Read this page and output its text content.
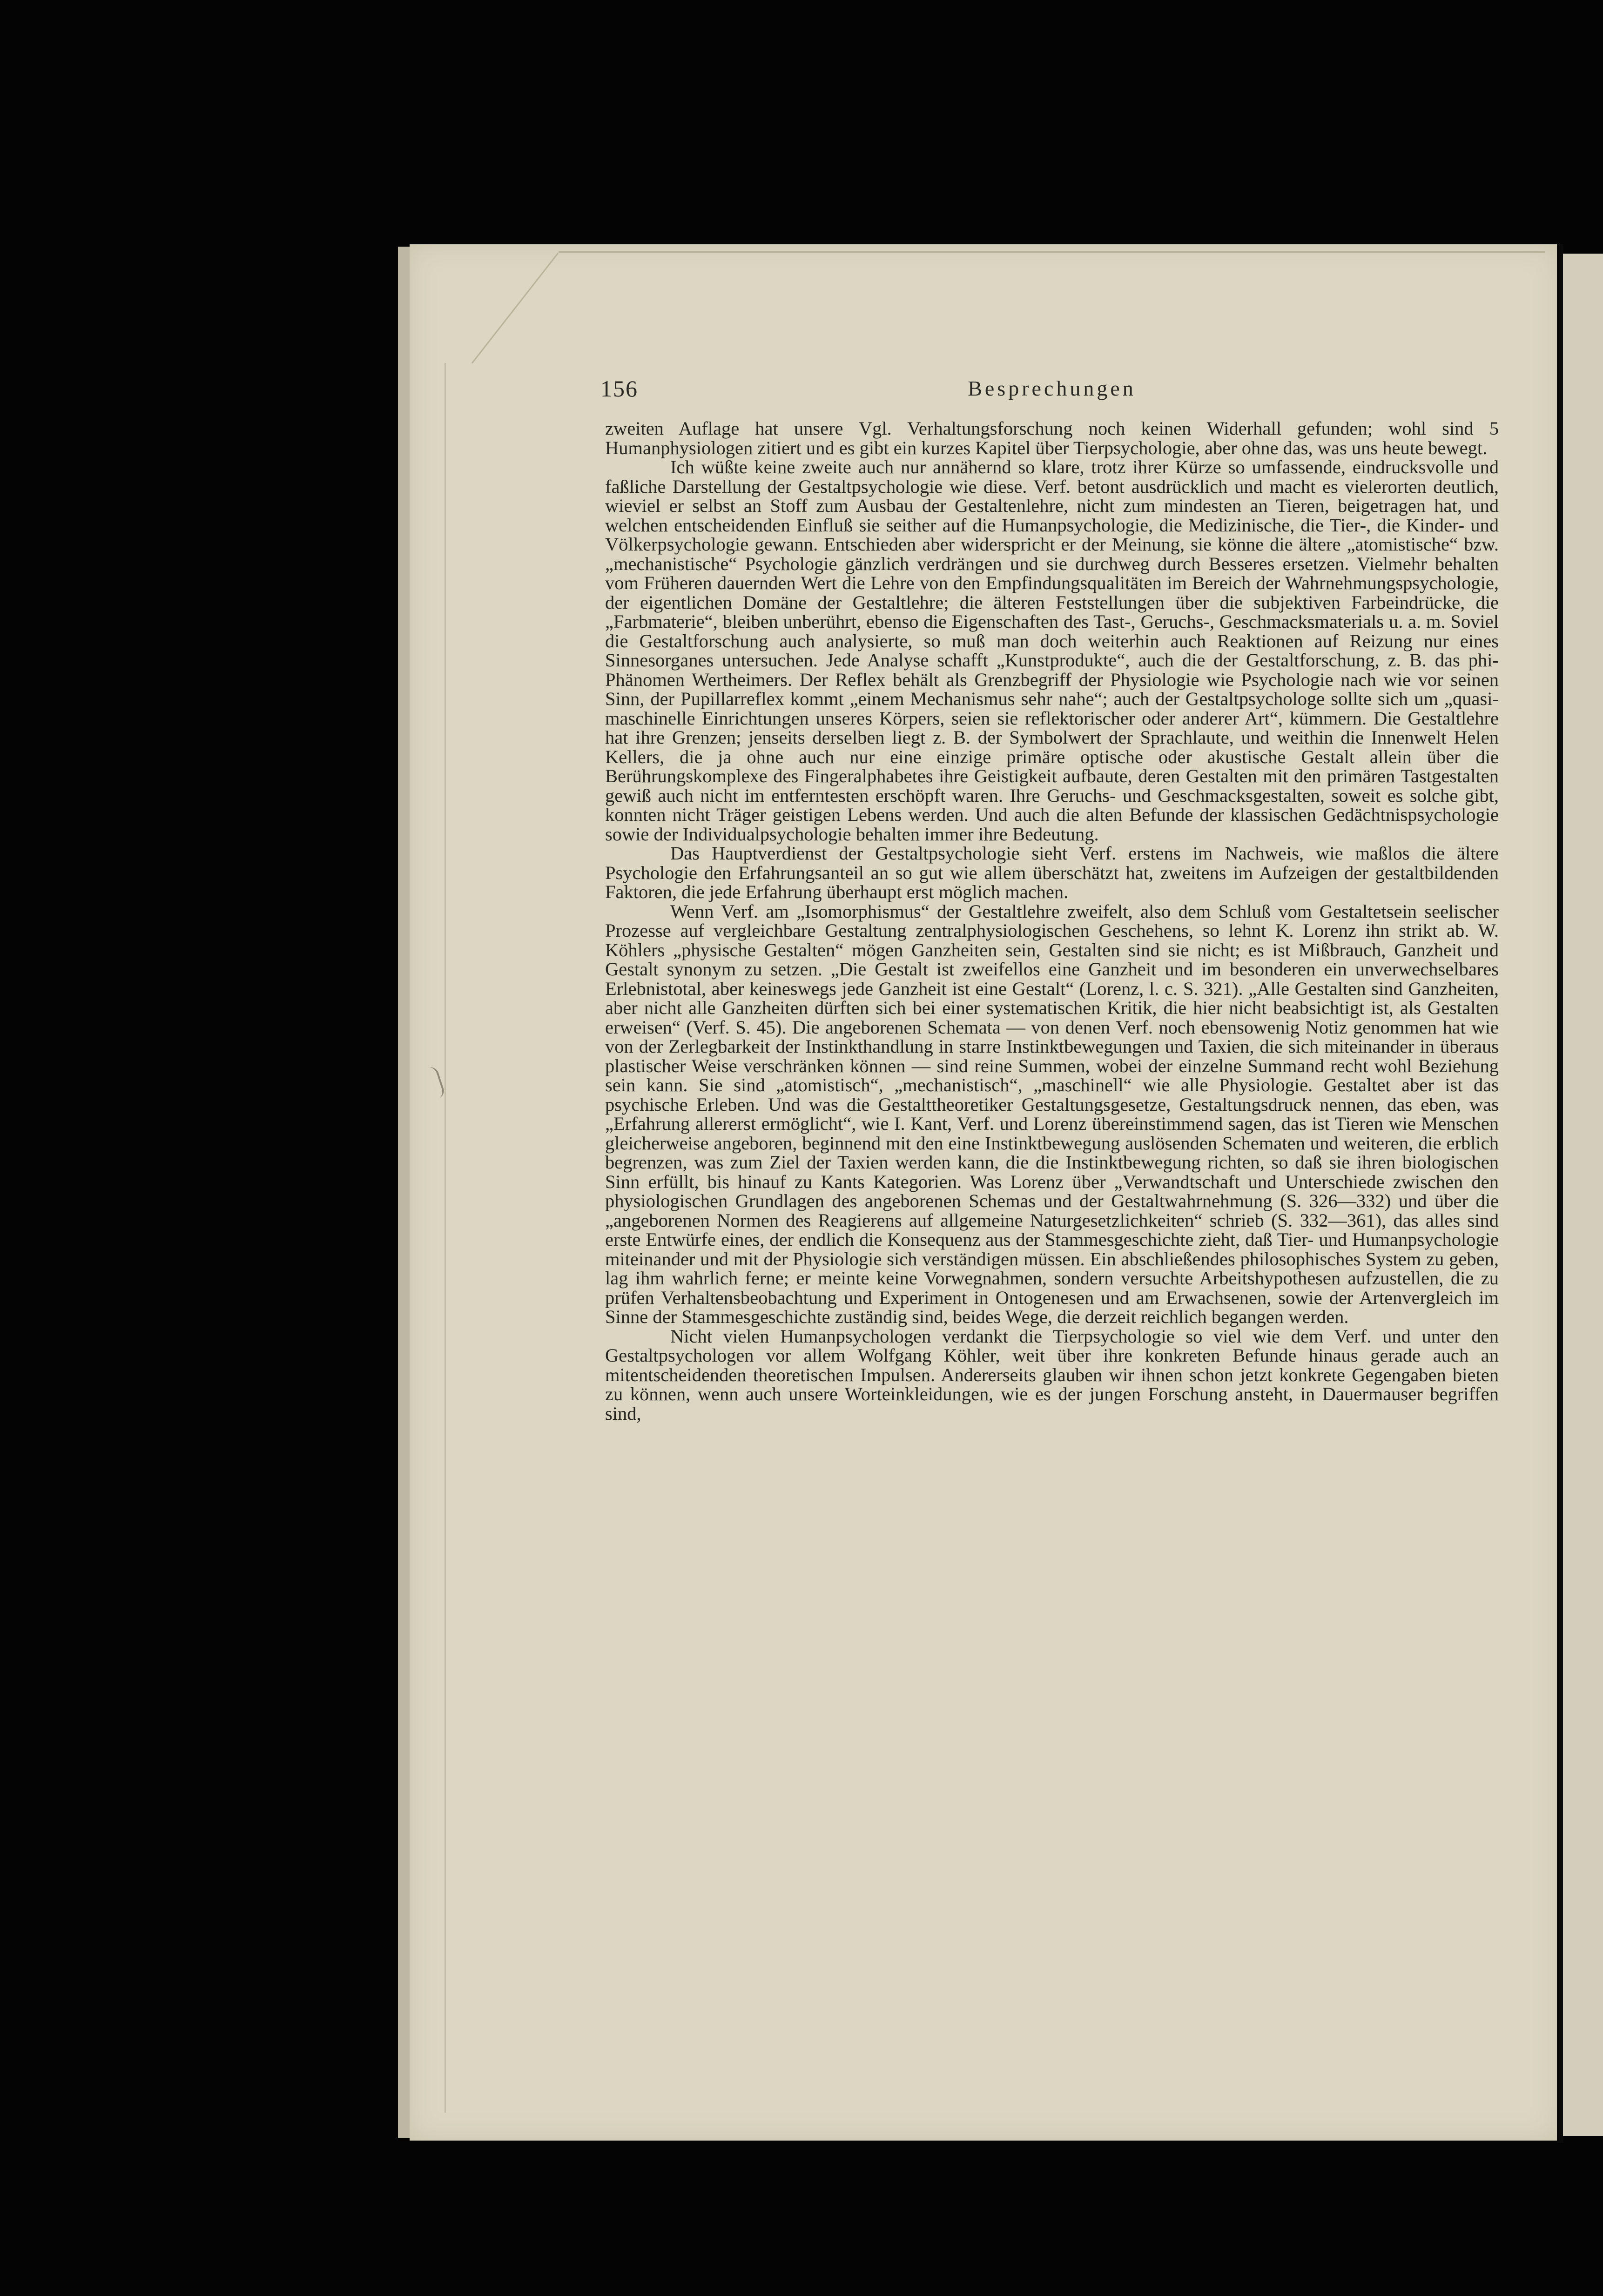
156	Besprechungen

zweiten Auflage hat unsere Vgl. Verhaltungsforschung noch keinen Widerhall gefunden; wohl sind 5 Humanphysiologen zitiert und es gibt ein kurzes Kapitel über Tierpsychologie, aber ohne das, was uns heute bewegt.

Ich wüßte keine zweite auch nur annähernd so klare, trotz ihrer Kürze so umfassende, eindrucksvolle und faßliche Darstellung der Gestaltpsychologie wie diese. Verf. betont ausdrücklich und macht es vielerorten deutlich, wieviel er selbst an Stoff zum Ausbau der Gestaltenlehre, nicht zum mindesten an Tieren, beigetragen hat, und welchen entscheidenden Einfluß sie seither auf die Humanpsychologie, die Medizinische, die Tier-, die Kinder- und Völkerpsychologie gewann. Entschieden aber widerspricht er der Meinung, sie könne die ältere „atomistische“ bzw. „mechanistische“ Psychologie gänzlich verdrängen und sie durchweg durch Besseres ersetzen. Vielmehr behalten vom Früheren dauernden Wert die Lehre von den Empfindungsqualitäten im Bereich der Wahrnehmungspsychologie, der eigentlichen Domäne der Gestaltlehre; die älteren Feststellungen über die subjektiven Farbeindrücke, die „Farbmaterie“, bleiben unberührt, ebenso die Eigenschaften des Tast-, Geruchs-, Geschmacksmaterials u. a. m. Soviel die Gestaltforschung auch analysierte, so muß man doch weiterhin auch Reaktionen auf Reizung nur eines Sinnesorganes untersuchen. Jede Analyse schafft „Kunstprodukte“, auch die der Gestaltforschung, z. B. das phi-Phänomen Wertheimers. Der Reflex behält als Grenzbegriff der Physiologie wie Psychologie nach wie vor seinen Sinn, der Pupillarreflex kommt „einem Mechanismus sehr nahe“; auch der Gestaltpsychologe sollte sich um „quasi-maschinelle Einrichtungen unseres Körpers, seien sie reflektorischer oder anderer Art“, kümmern. Die Gestaltlehre hat ihre Grenzen; jenseits derselben liegt z. B. der Symbolwert der Sprachlaute, und weithin die Innenwelt Helen Kellers, die ja ohne auch nur eine einzige primäre optische oder akustische Gestalt allein über die Berührungskomplexe des Fingeralphabetes ihre Geistigkeit aufbaute, deren Gestalten mit den primären Tastgestalten gewiß auch nicht im entferntesten erschöpft waren. Ihre Geruchs- und Geschmacksgestalten, soweit es solche gibt, konnten nicht Träger geistigen Lebens werden. Und auch die alten Befunde der klassischen Gedächtnispsychologie sowie der Individualpsychologie behalten immer ihre Bedeutung.

Das Hauptverdienst der Gestaltpsychologie sieht Verf. erstens im Nachweis, wie maßlos die ältere Psychologie den Erfahrungsanteil an so gut wie allem überschätzt hat, zweitens im Aufzeigen der gestaltbildenden Faktoren, die jede Erfahrung überhaupt erst möglich machen.

Wenn Verf. am „Isomorphismus“ der Gestaltlehre zweifelt, also dem Schluß vom Gestaltetsein seelischer Prozesse auf vergleichbare Gestaltung zentralphysiologischen Geschehens, so lehnt K. Lorenz ihn strikt ab. W. Köhlers „physische Gestalten“ mögen Ganzheiten sein, Gestalten sind sie nicht; es ist Mißbrauch, Ganzheit und Gestalt synonym zu setzen. „Die Gestalt ist zweifellos eine Ganzheit und im besonderen ein unverwechselbares Erlebnistotal, aber keineswegs jede Ganzheit ist eine Gestalt“ (Lorenz, l. c. S. 321). „Alle Gestalten sind Ganzheiten, aber nicht alle Ganzheiten dürften sich bei einer systematischen Kritik, die hier nicht beabsichtigt ist, als Gestalten erweisen“ (Verf. S. 45). Die angeborenen Schemata — von denen Verf. noch ebensowenig Notiz genommen hat wie von der Zerlegbarkeit der Instinkthandlung in starre Instinktbewegungen und Taxien, die sich miteinander in überaus plastischer Weise verschränken können — sind reine Summen, wobei der einzelne Summand recht wohl Beziehung sein kann. Sie sind „atomistisch“, „mechanistisch“, „maschinell“ wie alle Physiologie. Gestaltet aber ist das psychische Erleben. Und was die Gestalttheoretiker Gestaltungsgesetze, Gestaltungsdruck nennen, das eben, was „Erfahrung allererst ermöglicht“, wie I. Kant, Verf. und Lorenz übereinstimmend sagen, das ist Tieren wie Menschen gleicherweise angeboren, beginnend mit den eine Instinktbewegung auslösenden Schematen und weiteren, die erblich begrenzen, was zum Ziel der Taxien werden kann, die die Instinktbewegung richten, so daß sie ihren biologischen Sinn erfüllt, bis hinauf zu Kants Kategorien. Was Lorenz über „Verwandtschaft und Unterschiede zwischen den physiologischen Grundlagen des angeborenen Schemas und der Gestaltwahrnehmung (S. 326—332) und über die „angeborenen Normen des Reagierens auf allgemeine Naturgesetzlichkeiten“ schrieb (S. 332—361), das alles sind erste Entwürfe eines, der endlich die Konsequenz aus der Stammesgeschichte zieht, daß Tier- und Humanpsychologie miteinander und mit der Physiologie sich verständigen müssen. Ein abschließendes philosophisches System zu geben, lag ihm wahrlich ferne; er meinte keine Vorwegnahmen, sondern versuchte Arbeitshypothesen aufzustellen, die zu prüfen Verhaltensbeobachtung und Experiment in Ontogenesen und am Erwachsenen, sowie der Artenvergleich im Sinne der Stammesgeschichte zuständig sind, beides Wege, die derzeit reichlich begangen werden.

Nicht vielen Humanpsychologen verdankt die Tierpsychologie so viel wie dem Verf. und unter den Gestaltpsychologen vor allem Wolfgang Köhler, weit über ihre konkreten Befunde hinaus gerade auch an mitentscheidenden theoretischen Impulsen. Andererseits glauben wir ihnen schon jetzt konkrete Gegengaben bieten zu können, wenn auch unsere Worteinkleidungen, wie es der jungen Forschung ansteht, in Dauermauser begriffen sind,
